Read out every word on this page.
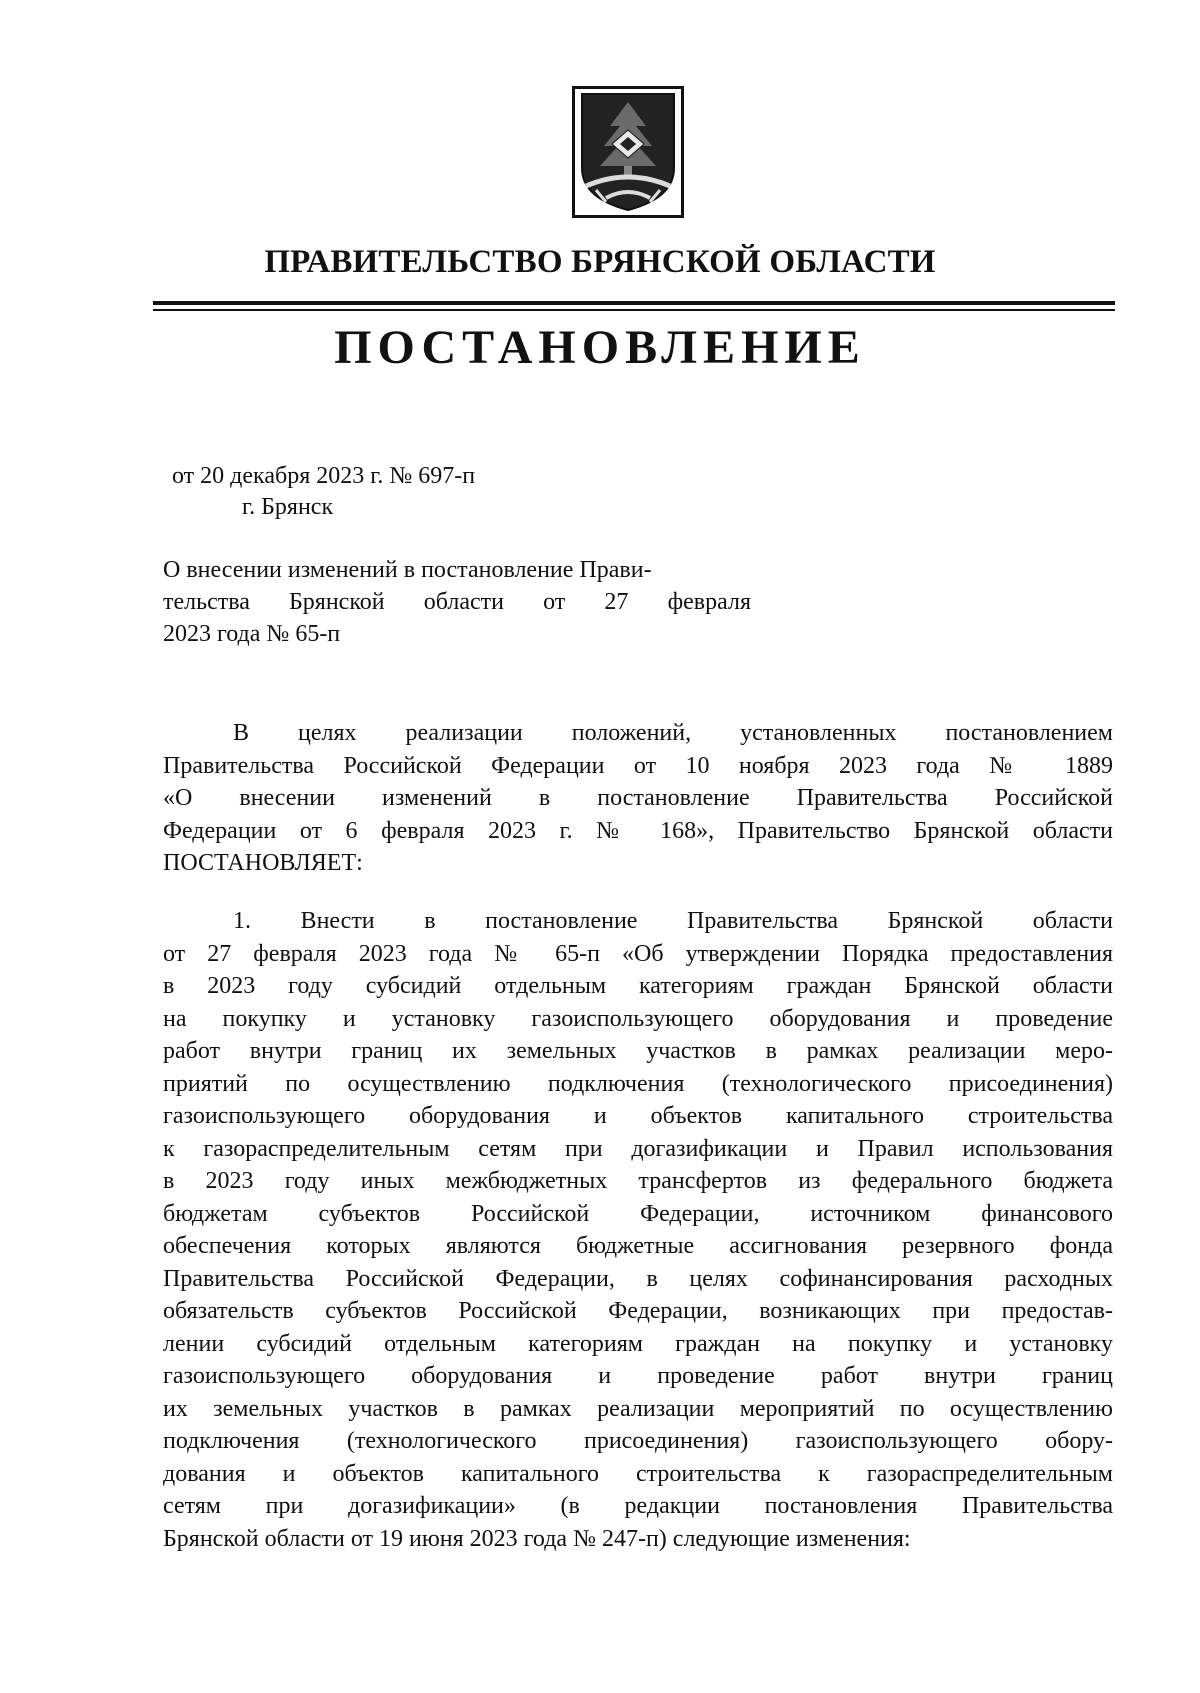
ПРАВИТЕЛЬСТВО БРЯНСКОЙ ОБЛАСТИ
ПОСТАНОВЛЕНИЕ

от 20 декабря 2023 г. № 697-п

г. Брянск

О внесении изменений в постановление Прави-
тельства Брянской области от 27 февраля
2023 года № 65-п

В целях реализации положений, установленных постановлением
Правительства Российской Федерации от 10 ноября 2023 года № 1889
«О внесении изменений в постановление Правительства Российской
Федерации от 6 февраля 2023 г. № 168», Правительство Брянской области
ПОСТАНОВЛЯЕТ:

1. Внести в постановление Правительства Брянской области
от 27 февраля 2023 года № 65-п «Об утверждении Порядка предоставления
в 2023 году субсидий отдельным категориям граждан Брянской области
на покупку и установку газоиспользующего оборудования и проведение
работ внутри границ их земельных участков в рамках реализации меро-
приятий по осуществлению подключения (технологического присоединения)
газоиспользующего оборудования и объектов капитального строительства
к газораспределительным сетям при догазификации и Правил использования
в 2023 году иных межбюджетных трансфертов из федерального бюджета
бюджетам субъектов Российской Федерации, источником финансового
обеспечения которых являются бюджетные ассигнования резервного фонда
Правительства Российской Федерации, в целях софинансирования расходных
обязательств субъектов Российской Федерации, возникающих при предостав-
лении субсидий отдельным категориям граждан на покупку и установку
газоиспользующего оборудования и проведение работ внутри границ
их земельных участков в рамках реализации мероприятий по осуществлению
подключения (технологического присоединения) газоиспользующего обору-
дования и объектов капитального строительства к газораспределительным
сетям при догазификации» (в редакции постановления Правительства
Брянской области от 19 июня 2023 года № 247-п) следующие изменения:
